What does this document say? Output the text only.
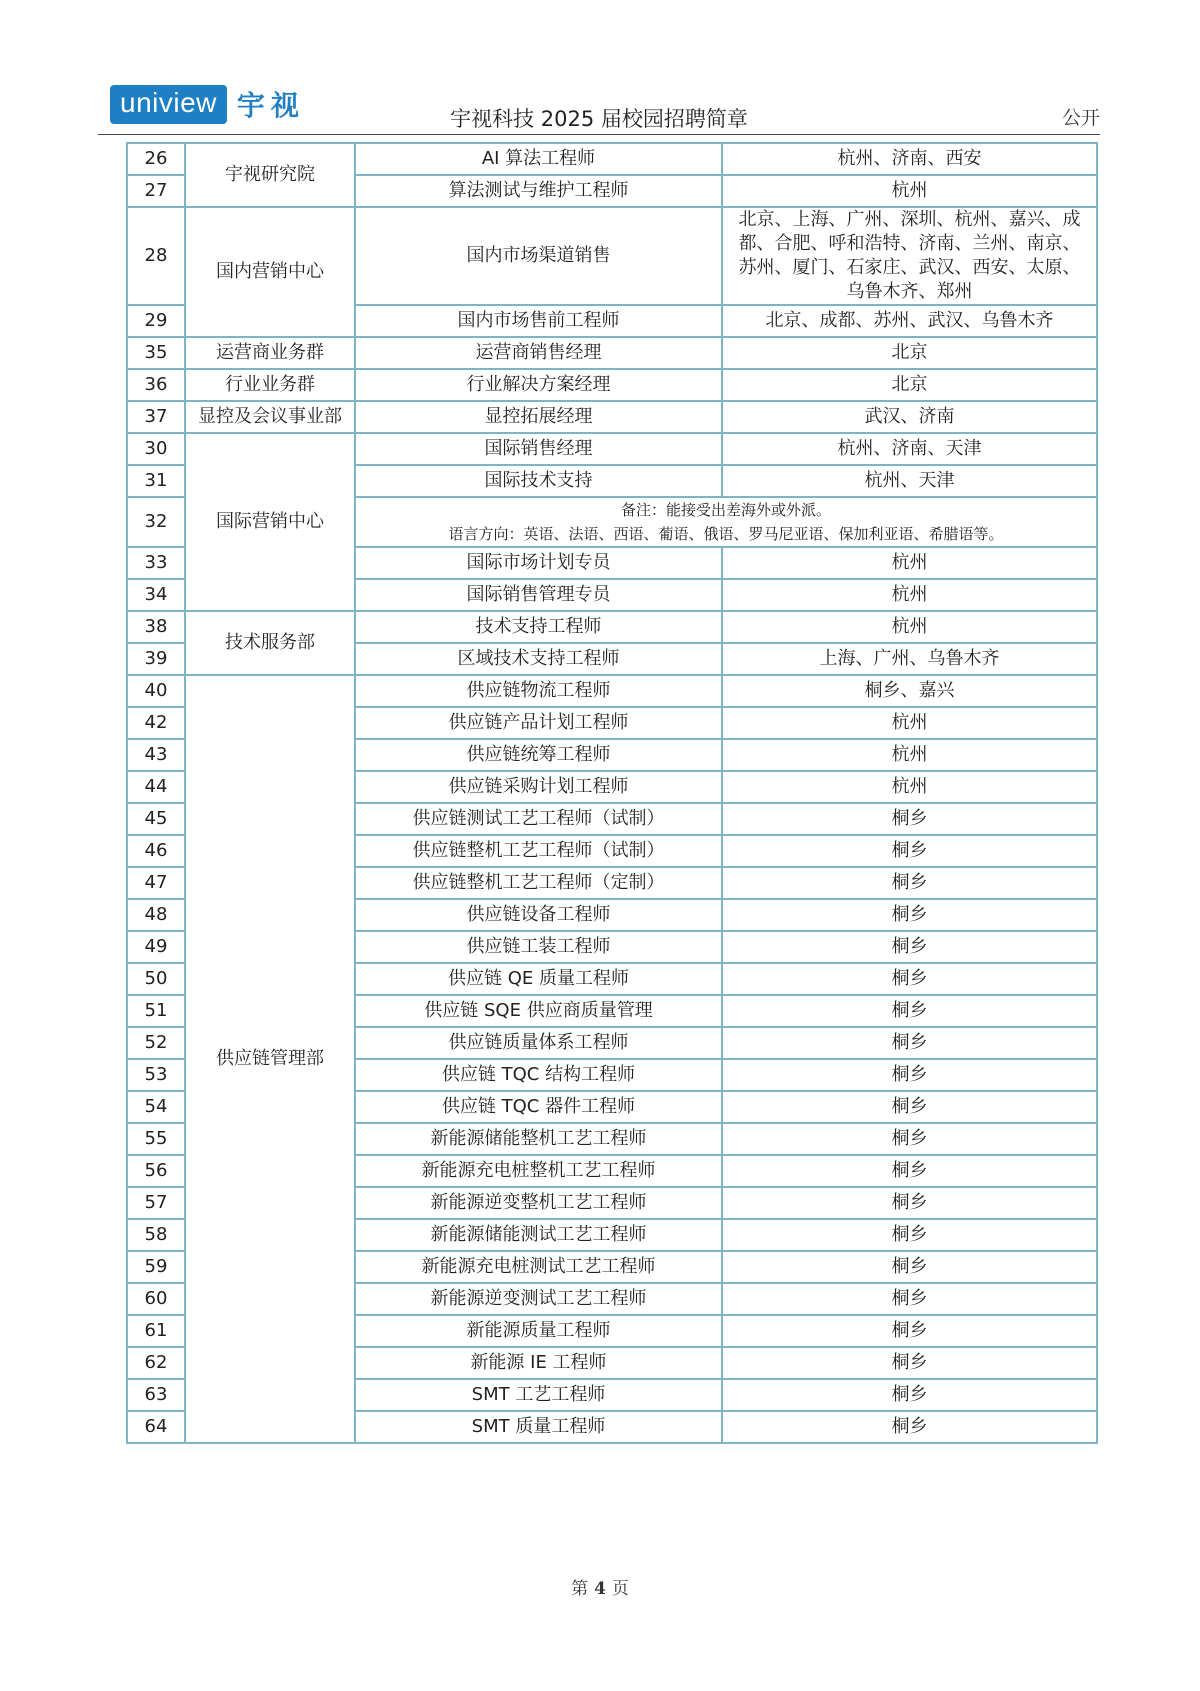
uniview 宇视	宇视科技 2025 届校园招聘简章	公开
26	宇视研究院	AI 算法工程师	杭州、济南、西安
27		算法测试与维护工程师	杭州
28	国内营销中心	国内市场渠道销售	北京、上海、广州、深圳、杭州、嘉兴、成
都、合肥、呼和浩特、济南、兰州、南京、
苏州、厦门、石家庄、武汉、西安、太原、
乌鲁木齐、郑州

29		国内市场售前工程师	北京、成都、苏州、武汉、乌鲁木齐
35	运营商业务群	运营商销售经理	北京
36	行业业务群	行业解决方案经理	北京
37	显控及会议事业部	显控拓展经理	武汉、济南
30	国际营销中心	国际销售经理	杭州、济南、天津
31		国际技术支持	杭州、天津
32		备注：能接受出差海外或外派。
语言方向：英语、法语、西语、葡语、俄语、罗马尼亚语、保加利亚语、希腊语等。	

33		国际市场计划专员	杭州
34		国际销售管理专员	杭州
38	技术服务部	技术支持工程师	杭州
39		区域技术支持工程师	上海、广州、乌鲁木齐
40	供应链管理部	供应链物流工程师	桐乡、嘉兴
42		供应链产品计划工程师	杭州
43		供应链统筹工程师	杭州
44		供应链采购计划工程师	杭州
45		供应链测试工艺工程师（试制）	桐乡
46		供应链整机工艺工程师（试制）	桐乡
47		供应链整机工艺工程师（定制）	桐乡
48		供应链设备工程师	桐乡
49		供应链工装工程师	桐乡
50		供应链 QE 质量工程师	桐乡
51		供应链 SQE 供应商质量管理	桐乡
52		供应链质量体系工程师	桐乡
53		供应链 TQC 结构工程师	桐乡
54		供应链 TQC 器件工程师	桐乡
55		新能源储能整机工艺工程师	桐乡
56		新能源充电桩整机工艺工程师	桐乡
57		新能源逆变整机工艺工程师	桐乡
58		新能源储能测试工艺工程师	桐乡
59		新能源充电桩测试工艺工程师	桐乡
60		新能源逆变测试工艺工程师	桐乡
61		新能源质量工程师	桐乡
62		新能源 IE 工程师	桐乡
63		SMT 工艺工程师	桐乡
64		SMT 质量工程师	桐乡
第 4 页
